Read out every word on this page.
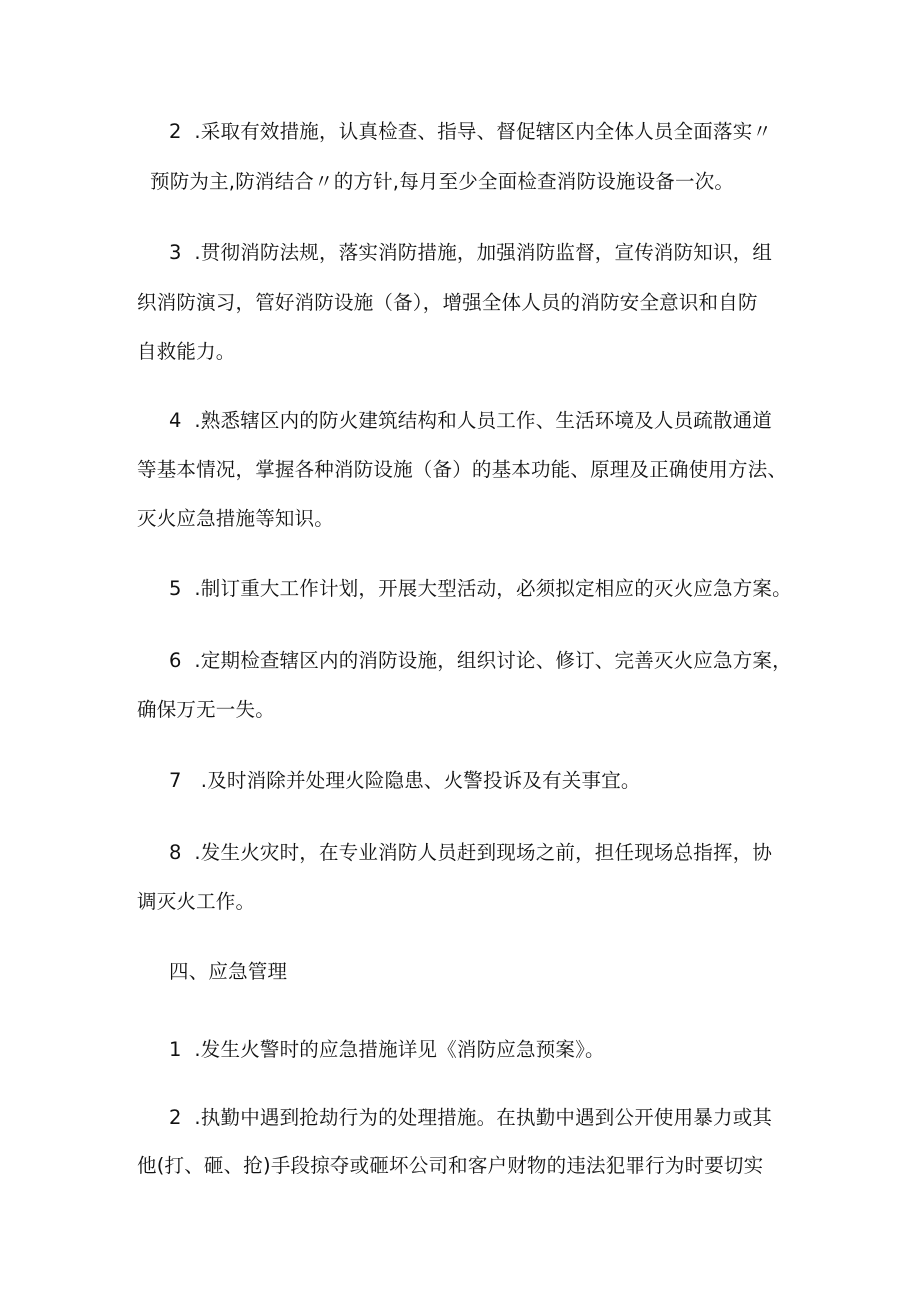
2  .采取有效措施，认真检查、指导、督促辖区内全体人员全面落实〃
预防为主,防消结合〃的方针,每月至少全面检查消防设施设备一次。
3  .贯彻消防法规，落实消防措施，加强消防监督，宣传消防知识，组
织消防演习，管好消防设施（备），增强全体人员的消防安全意识和自防
自救能力。
4  .熟悉辖区内的防火建筑结构和人员工作、生活环境及人员疏散通道
等基本情况，掌握各种消防设施（备）的基本功能、原理及正确使用方法、
灭火应急措施等知识。
5  .制订重大工作计划，开展大型活动，必须拟定相应的灭火应急方案。
6  .定期检查辖区内的消防设施，组织讨论、修订、完善灭火应急方案，
确保万无一失。
7   .及时消除并处理火险隐患、火警投诉及有关事宜。
8  .发生火灾时，在专业消防人员赶到现场之前，担任现场总指挥，协
调灭火工作。
四、应急管理
1  .发生火警时的应急措施详见《消防应急预案》。
2  .执勤中遇到抢劫行为的处理措施。在执勤中遇到公开使用暴力或其
他(打、砸、抢)手段掠夺或砸坏公司和客户财物的违法犯罪行为时要切实
